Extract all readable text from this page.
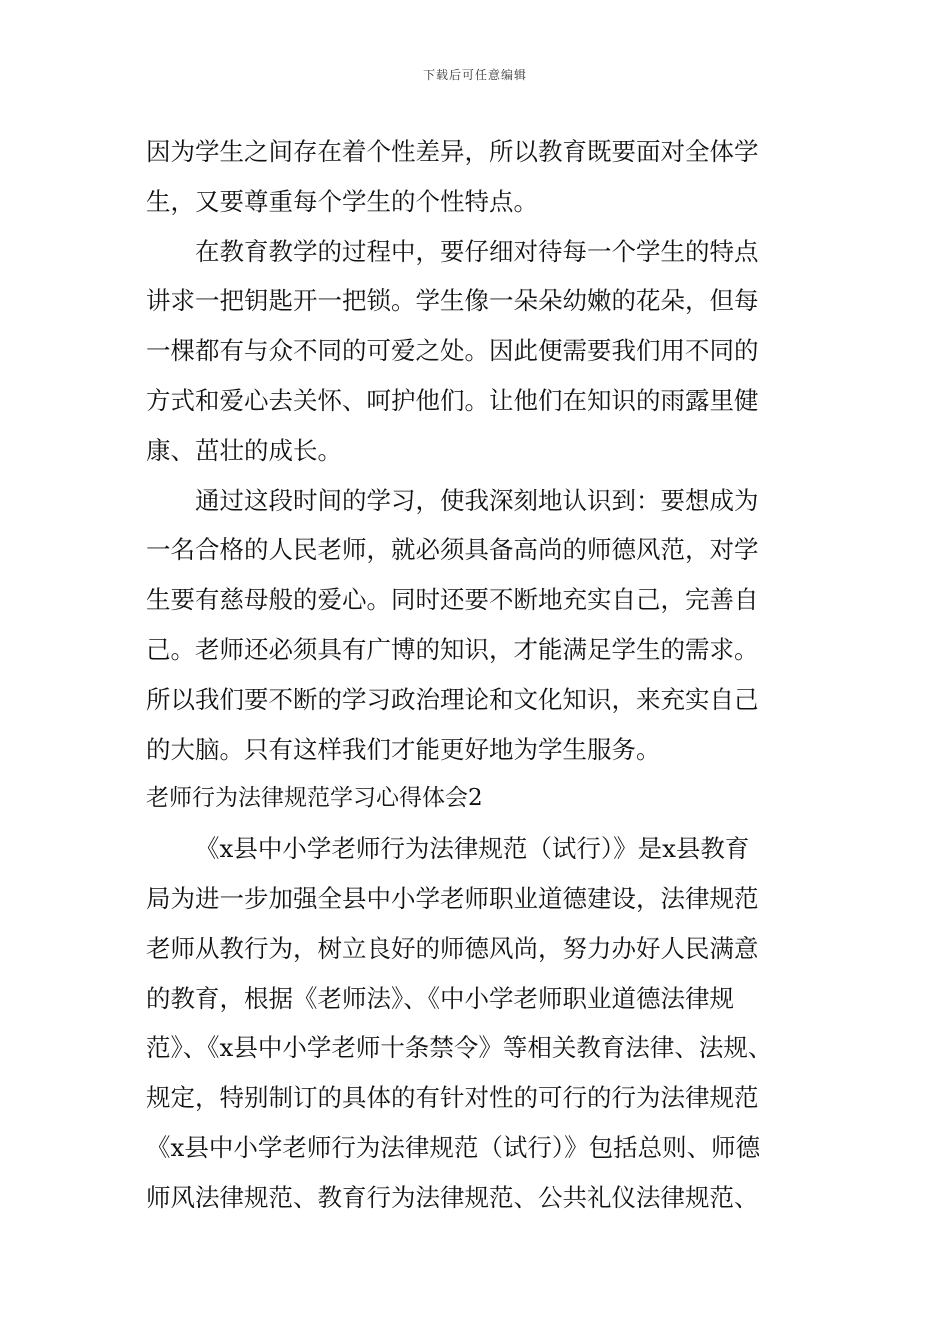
下载后可任意编辑
因为学生之间存在着个性差异，所以教育既要面对全体学
生，又要尊重每个学生的个性特点。
在教育教学的过程中，要仔细对待每一个学生的特点
讲求一把钥匙开一把锁。学生像一朵朵幼嫩的花朵，但每
一棵都有与众不同的可爱之处。因此便需要我们用不同的
方式和爱心去关怀、呵护他们。让他们在知识的雨露里健
康、茁壮的成长。
通过这段时间的学习，使我深刻地认识到：要想成为
一名合格的人民老师，就必须具备高尚的师德风范，对学
生要有慈母般的爱心。同时还要不断地充实自己，完善自
己。老师还必须具有广博的知识，才能满足学生的需求。
所以我们要不断的学习政治理论和文化知识，来充实自己
的大脑。只有这样我们才能更好地为学生服务。
老师行为法律规范学习心得体会2
《x县中小学老师行为法律规范（试行）》是x县教育
局为进一步加强全县中小学老师职业道德建设，法律规范
老师从教行为，树立良好的师德风尚，努力办好人民满意
的教育，根据《老师法》、《中小学老师职业道德法律规
范》、《x县中小学老师十条禁令》等相关教育法律、法规、
规定，特别制订的具体的有针对性的可行的行为法律规范
《x县中小学老师行为法律规范（试行）》包括总则、师德
师风法律规范、教育行为法律规范、公共礼仪法律规范、
